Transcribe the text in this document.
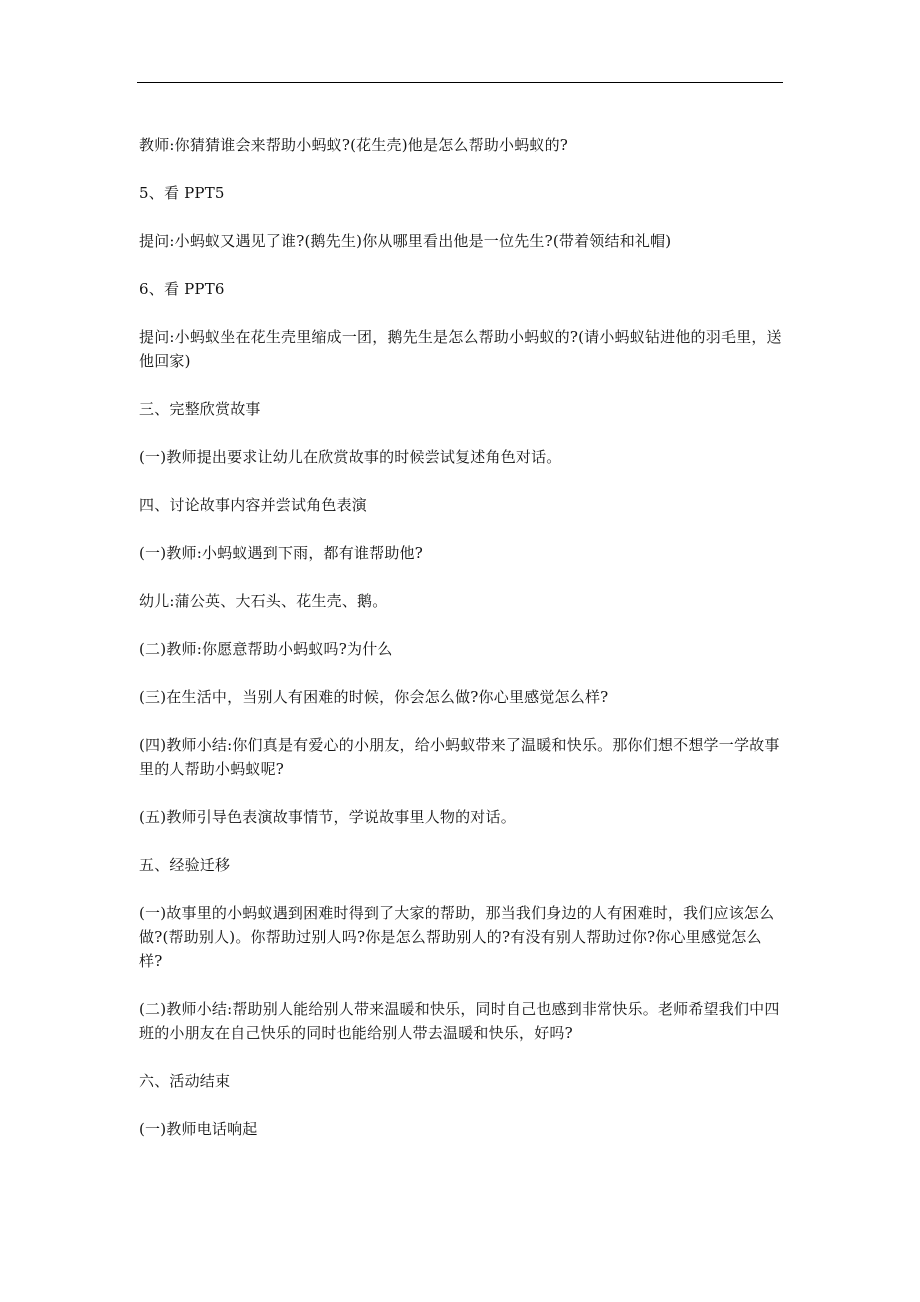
教师:你猜猜谁会来帮助小蚂蚁?(花生壳)他是怎么帮助小蚂蚁的?

5、看 PPT5

提问:小蚂蚁又遇见了谁?(鹅先生)你从哪里看出他是一位先生?(带着领结和礼帽)

6、看 PPT6

提问:小蚂蚁坐在花生壳里缩成一团，鹅先生是怎么帮助小蚂蚁的?(请小蚂蚁钻进他的羽毛里，送他回家)

三、完整欣赏故事

(一)教师提出要求让幼儿在欣赏故事的时候尝试复述角色对话。

四、讨论故事内容并尝试角色表演

(一)教师:小蚂蚁遇到下雨，都有谁帮助他?

幼儿:蒲公英、大石头、花生壳、鹅。

(二)教师:你愿意帮助小蚂蚁吗?为什么

(三)在生活中，当别人有困难的时候，你会怎么做?你心里感觉怎么样?

(四)教师小结:你们真是有爱心的小朋友，给小蚂蚁带来了温暖和快乐。那你们想不想学一学故事里的人帮助小蚂蚁呢?

(五)教师引导色表演故事情节，学说故事里人物的对话。

五、经验迁移

(一)故事里的小蚂蚁遇到困难时得到了大家的帮助，那当我们身边的人有困难时，我们应该怎么做?(帮助别人)。你帮助过别人吗?你是怎么帮助别人的?有没有别人帮助过你?你心里感觉怎么样?

(二)教师小结:帮助别人能给别人带来温暖和快乐，同时自己也感到非常快乐。老师希望我们中四班的小朋友在自己快乐的同时也能给别人带去温暖和快乐，好吗?

六、活动结束

(一)教师电话响起
